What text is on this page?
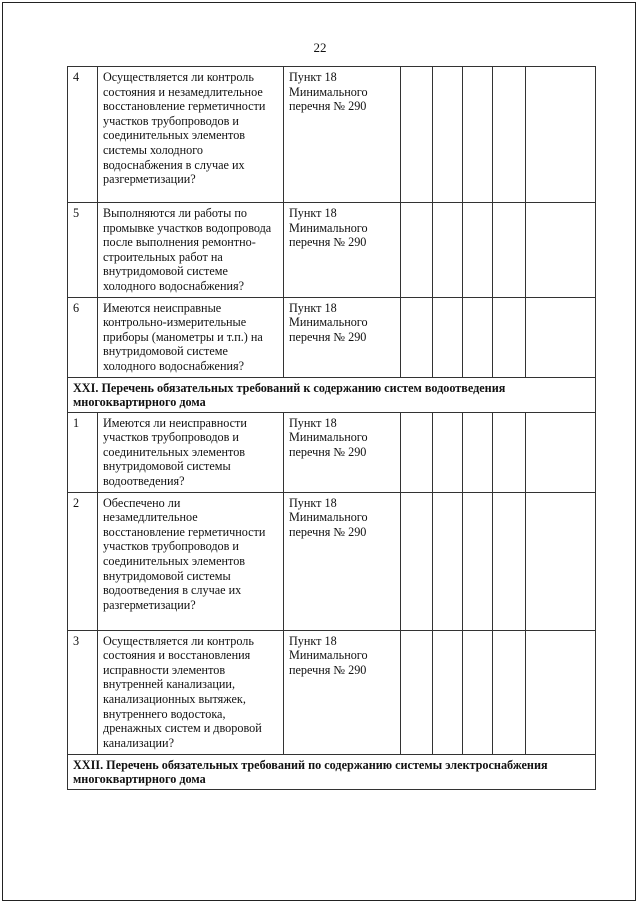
22
4	Осуществляется ли контроль состояния и незамедлительное восстановление герметичности участков трубопроводов и соединительных элементов системы холодного водоснабжения в случае их разгерметизации?	Пункт 18 Минимального перечня № 290					
5	Выполняются ли работы по промывке участков водопровода после выполнения ремонтно-строительных работ на внутридомовой системе холодного водоснабжения?	Пункт 18 Минимального перечня № 290					
6	Имеются неисправные контрольно-измерительные приборы (манометры и т.п.) на внутридомовой системе холодного водоснабжения?	Пункт 18 Минимального перечня № 290					
XXI. Перечень обязательных требований к содержанию систем водоотведения многоквартирного дома							
1	Имеются ли неисправности участков трубопроводов и соединительных элементов внутридомовой системы водоотведения?	Пункт 18 Минимального перечня № 290					
2	Обеспечено ли незамедлительное восстановление герметичности участков трубопроводов и соединительных элементов внутридомовой системы водоотведения в случае их разгерметизации?	Пункт 18 Минимального перечня № 290					
3	Осуществляется ли контроль состояния и восстановления исправности элементов внутренней канализации, канализационных вытяжек, внутреннего водостока, дренажных систем и дворовой канализации?	Пункт 18 Минимального перечня № 290					
XXII. Перечень обязательных требований по содержанию системы электроснабжения многоквартирного дома							
